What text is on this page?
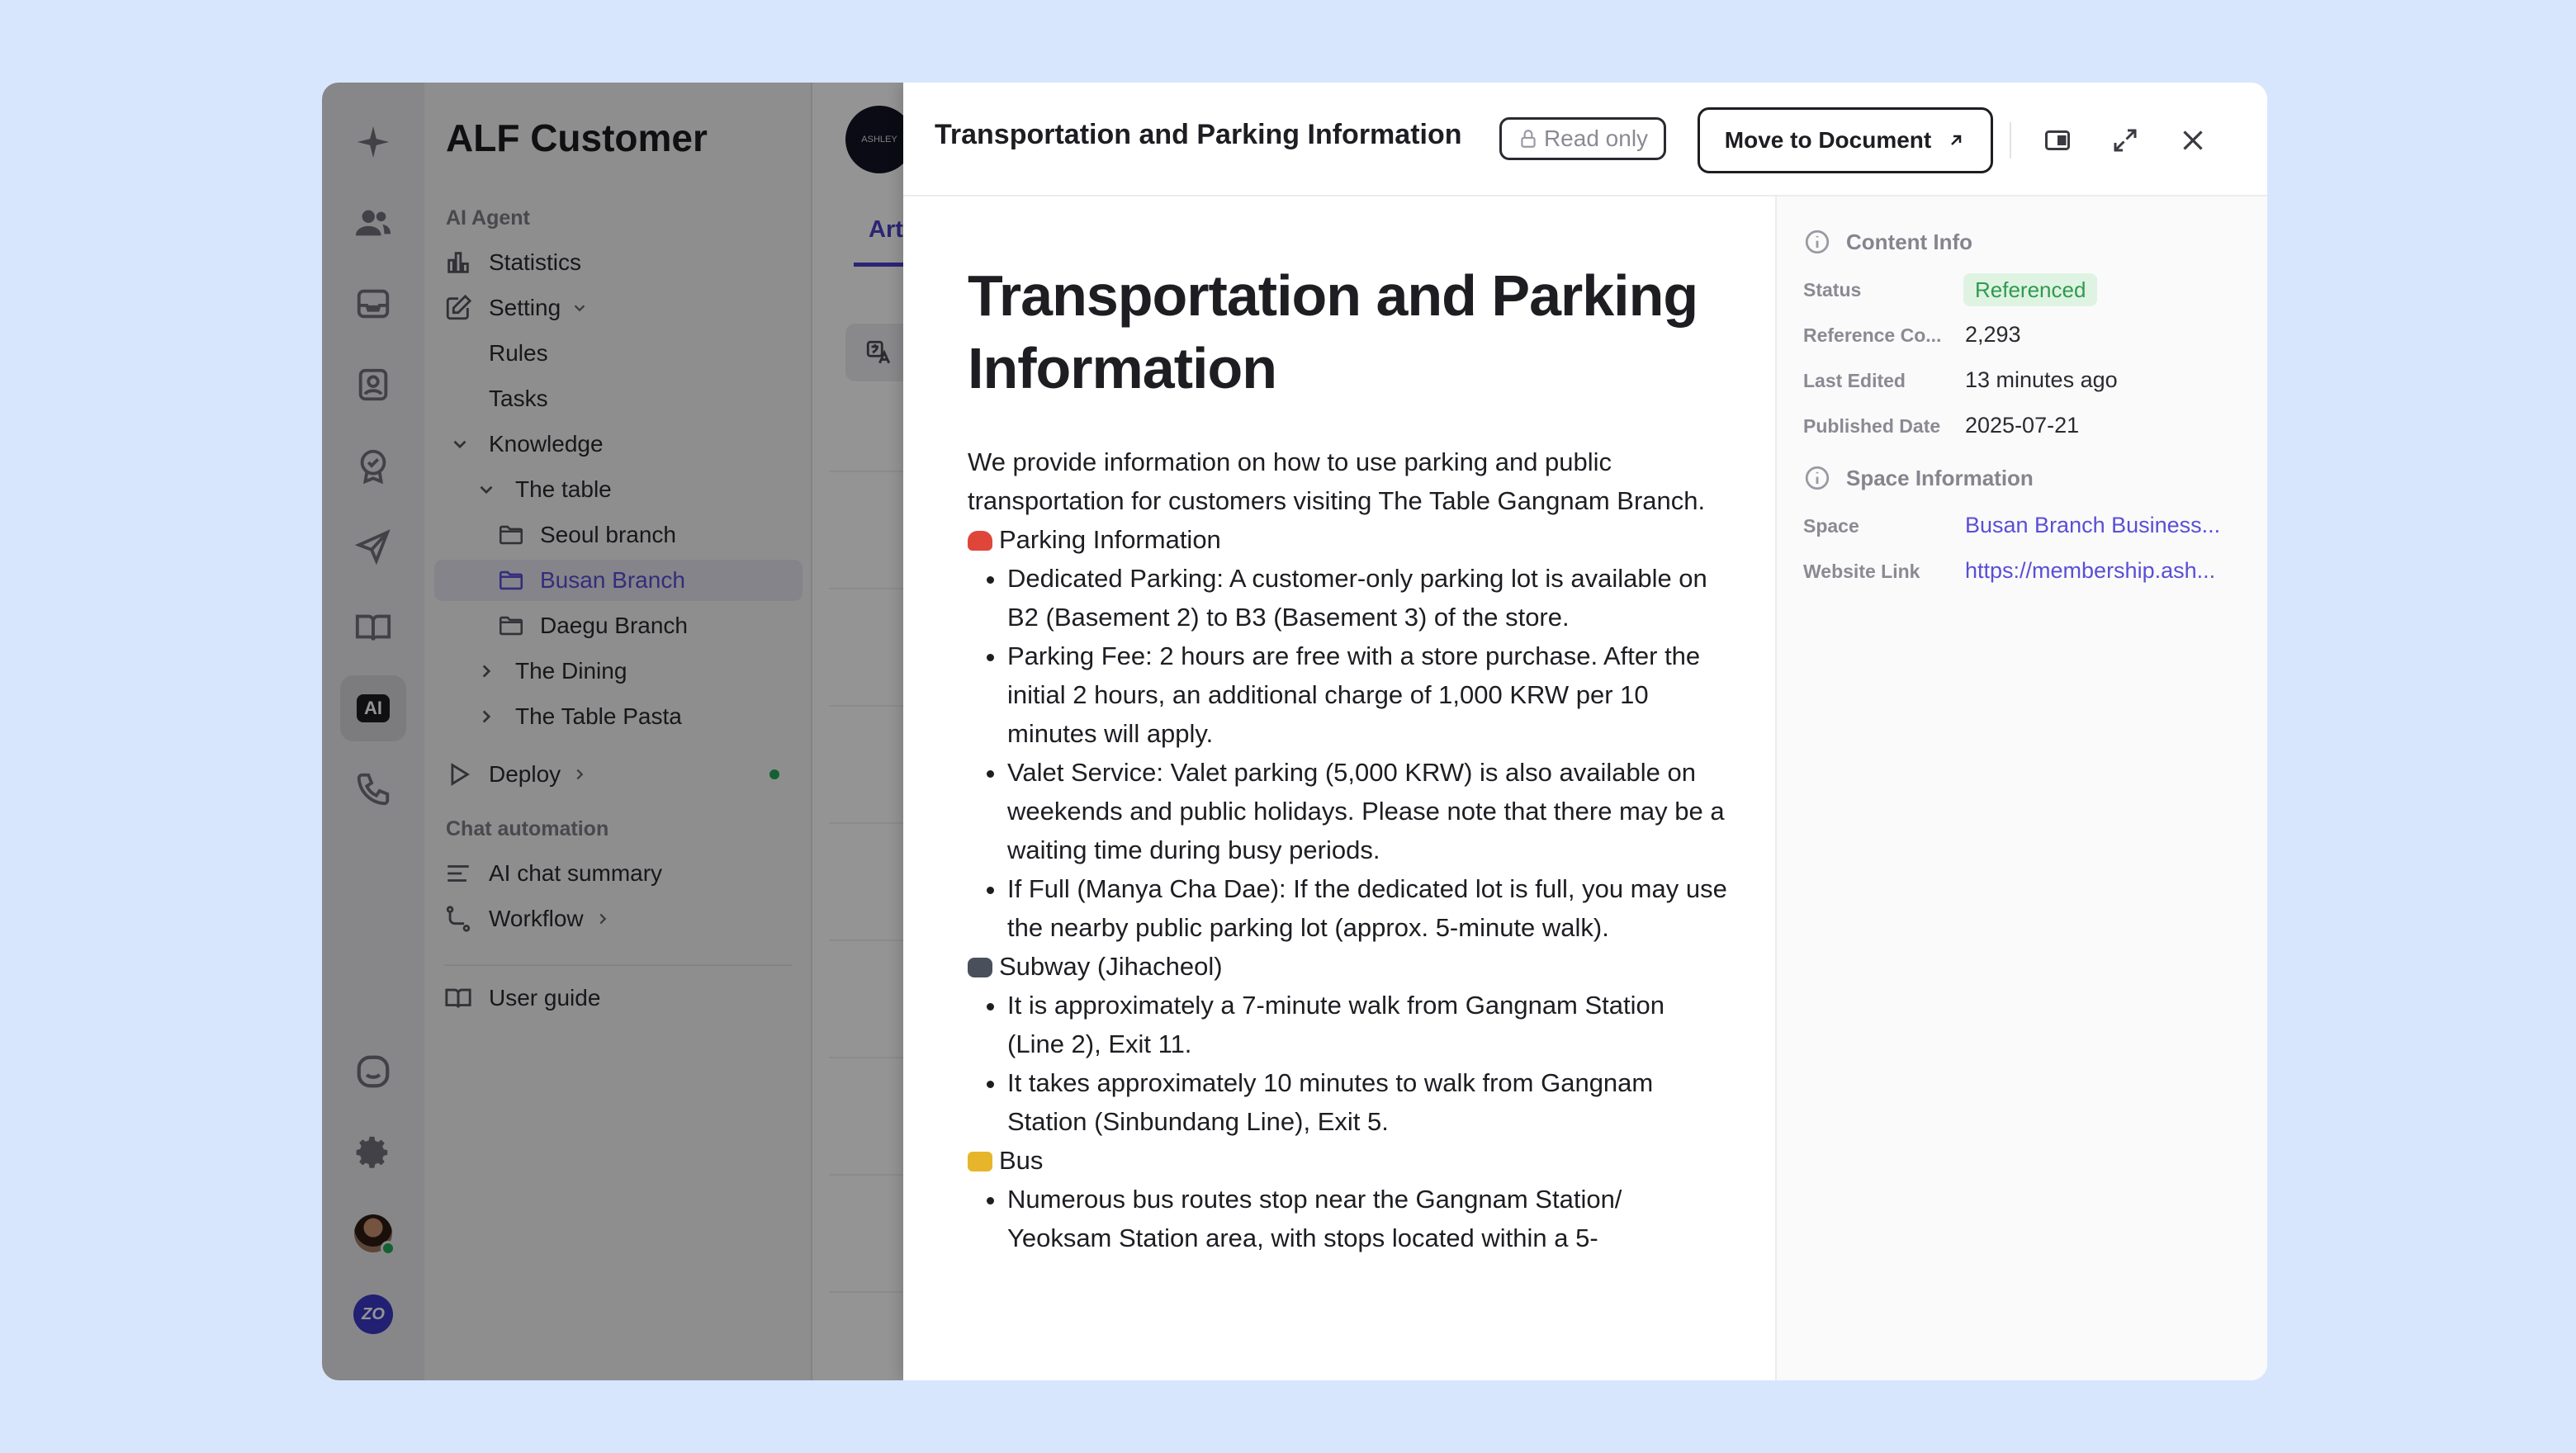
AI
ZO
ALF Customer
AI Agent
Statistics
Setting
Rules
Tasks
Knowledge
The table
Seoul branch
Busan Branch
Daegu Branch
The Dining
The Table Pasta
Deploy
Chat automation
AI chat summary
Workflow
User guide
ASHLEY
Art
Transportation and Parking Information	Read only	Move to Document
Transportation and Parking Information

We provide information on how to use parking and public transportation for customers visiting The Table Gangnam Branch.

Parking Information

• Dedicated Parking: A customer-only parking lot is available on B2 (Basement 2) to B3 (Basement 3) of the store.
• Parking Fee: 2 hours are free with a store purchase. After the initial 2 hours, an additional charge of 1,000 KRW per 10 minutes will apply.
• Valet Service: Valet parking (5,000 KRW) is also available on weekends and public holidays. Please note that there may be a waiting time during busy periods.
• If Full (Manya Cha Dae): If the dedicated lot is full, you may use the nearby public parking lot (approx. 5-minute walk).

Subway (Jihacheol)

• It is approximately a 7-minute walk from Gangnam Station (Line 2), Exit 11.
• It takes approximately 10 minutes to walk from Gangnam Station (Sinbundang Line), Exit 5.

Bus

• Numerous bus routes stop near the Gangnam Station/ Yeoksam Station area, with stops located within a 5-
Content Info
Status	Referenced
Reference Co...	2,293
Last Edited	13 minutes ago
Published Date	2025-07-21
Space Information
Space	Busan Branch Business...
Website Link	https://membership.ash...
